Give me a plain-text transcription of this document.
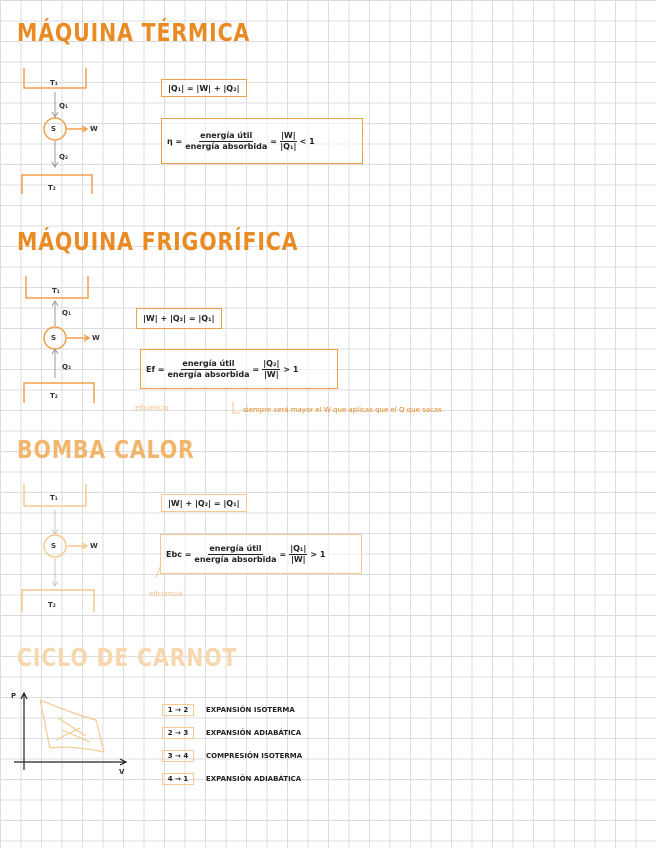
MÁQUINA TÉRMICA
T₁
Q₁
S	W
Q₂
T₂
|Q₁| = |W| + |Q₂|
$\eta = \frac{\text{energía útil}}{\text{energía absorbida}} = \frac{|W|}{\text{|Q₁|}} < 1$
MÁQUINA FRIGORÍFICA
T₁
Q₁
S	W
Q₂
T₂
|W| + |Q₂| = |Q₁|
$Ef = \frac{\text{energía útil}}{\text{energía absorbida}} = \frac{\text{|Q₂|}}{|W|} > 1$
eficiencia	siempre será mayor el W que aplicas que el Q que sacas
BOMBA CALOR
T₁
S	W
T₂
|W| + |Q₂| = |Q₁|
Ebc = $\frac{\text{energía útil}}{\text{energía absorbida}} = \frac{\text{|Q₁|}}{|W|} > 1$
eficiencia
CICLO DE CARNOT
P
V
1 → 2	EXPANSIÓN ISOTERMA
2 → 3	EXPANSIÓN ADIABÁTICA
3 → 4	COMPRESIÓN ISOTERMA
4 → 1	EXPANSIÓN ADIABÁTICA
